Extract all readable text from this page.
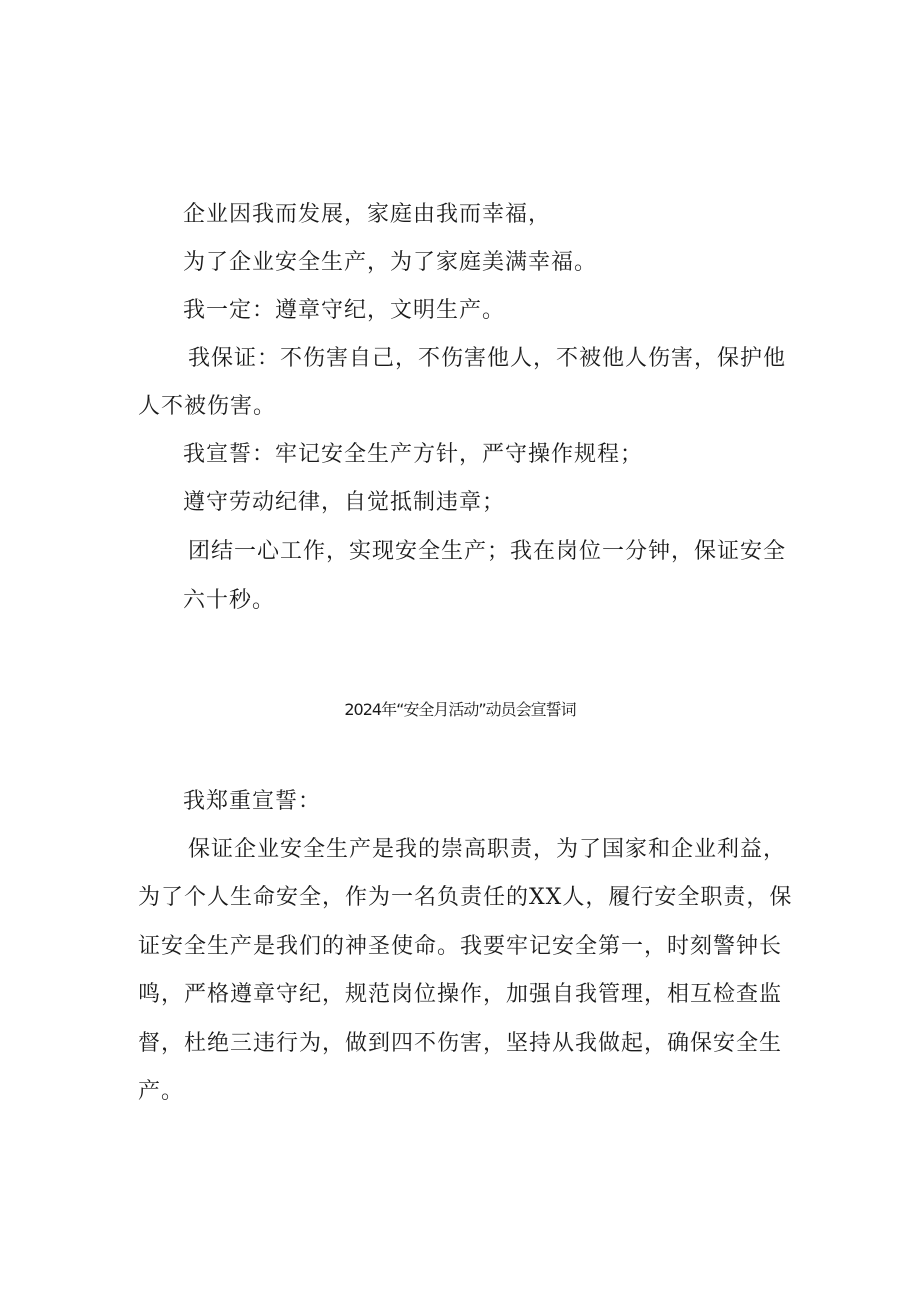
企业因我而发展，家庭由我而幸福，
为了企业安全生产，为了家庭美满幸福。
我一定：遵章守纪，文明生产。
我保证：不伤害自己，不伤害他人，不被他人伤害，保护他
人不被伤害。
我宣誓：牢记安全生产方针，严守操作规程；
遵守劳动纪律，自觉抵制违章；
团结一心工作，实现安全生产；我在岗位一分钟，保证安全
六十秒。
2024年“安全月活动”动员会宣誓词
我郑重宣誓：
保证企业安全生产是我的崇高职责，为了国家和企业利益，
为了个人生命安全，作为一名负责任的XX人，履行安全职责，保
证安全生产是我们的神圣使命。我要牢记安全第一，时刻警钟长
鸣，严格遵章守纪，规范岗位操作，加强自我管理，相互检查监
督，杜绝三违行为，做到四不伤害，坚持从我做起，确保安全生
产。
